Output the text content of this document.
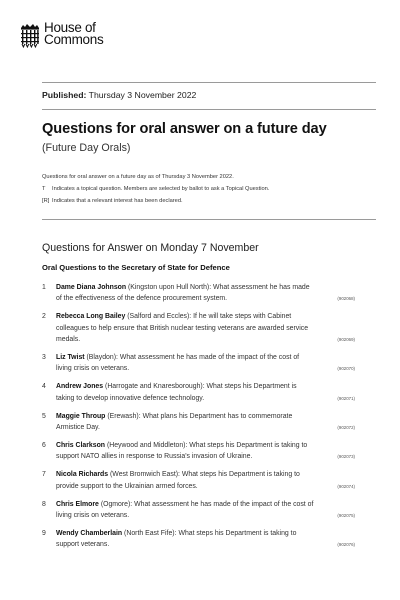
House of
Commons
Published: Thursday 3 November 2022
Questions for oral answer on a future day
(Future Day Orals)
Questions for oral answer on a future day as of Thursday 3 November 2022.
T	Indicates a topical question. Members are selected by ballot to ask a Topical Question.
[R] Indicates that a relevant interest has been declared.
Questions for Answer on Monday 7 November
Oral Questions to the Secretary of State for Defence
1 Dame Diana Johnson (Kingston upon Hull North): What assessment he has made
of the effectiveness of the defence procurement system.	(902068)
2 Rebecca Long Bailey (Salford and Eccles): If he will take steps with Cabinet
colleagues to help ensure that British nuclear testing veterans are awarded service
medals.	(902069)
3 Liz Twist (Blaydon): What assessment he has made of the impact of the cost of
living crisis on veterans.	(902070)
4 Andrew Jones (Harrogate and Knaresborough): What steps his Department is
taking to develop innovative defence technology.	(902071)
5 Maggie Throup (Erewash): What plans his Department has to commemorate
Armistice Day.	(902072)
6 Chris Clarkson (Heywood and Middleton): What steps his Department is taking to
support NATO allies in response to Russia's invasion of Ukraine.	(902073)
7 Nicola Richards (West Bromwich East): What steps his Department is taking to
provide support to the Ukrainian armed forces.	(902074)
8 Chris Elmore (Ogmore): What assessment he has made of the impact of the cost of
living crisis on veterans.	(902075)
9 Wendy Chamberlain (North East Fife): What steps his Department is taking to
support veterans.	(902076)
